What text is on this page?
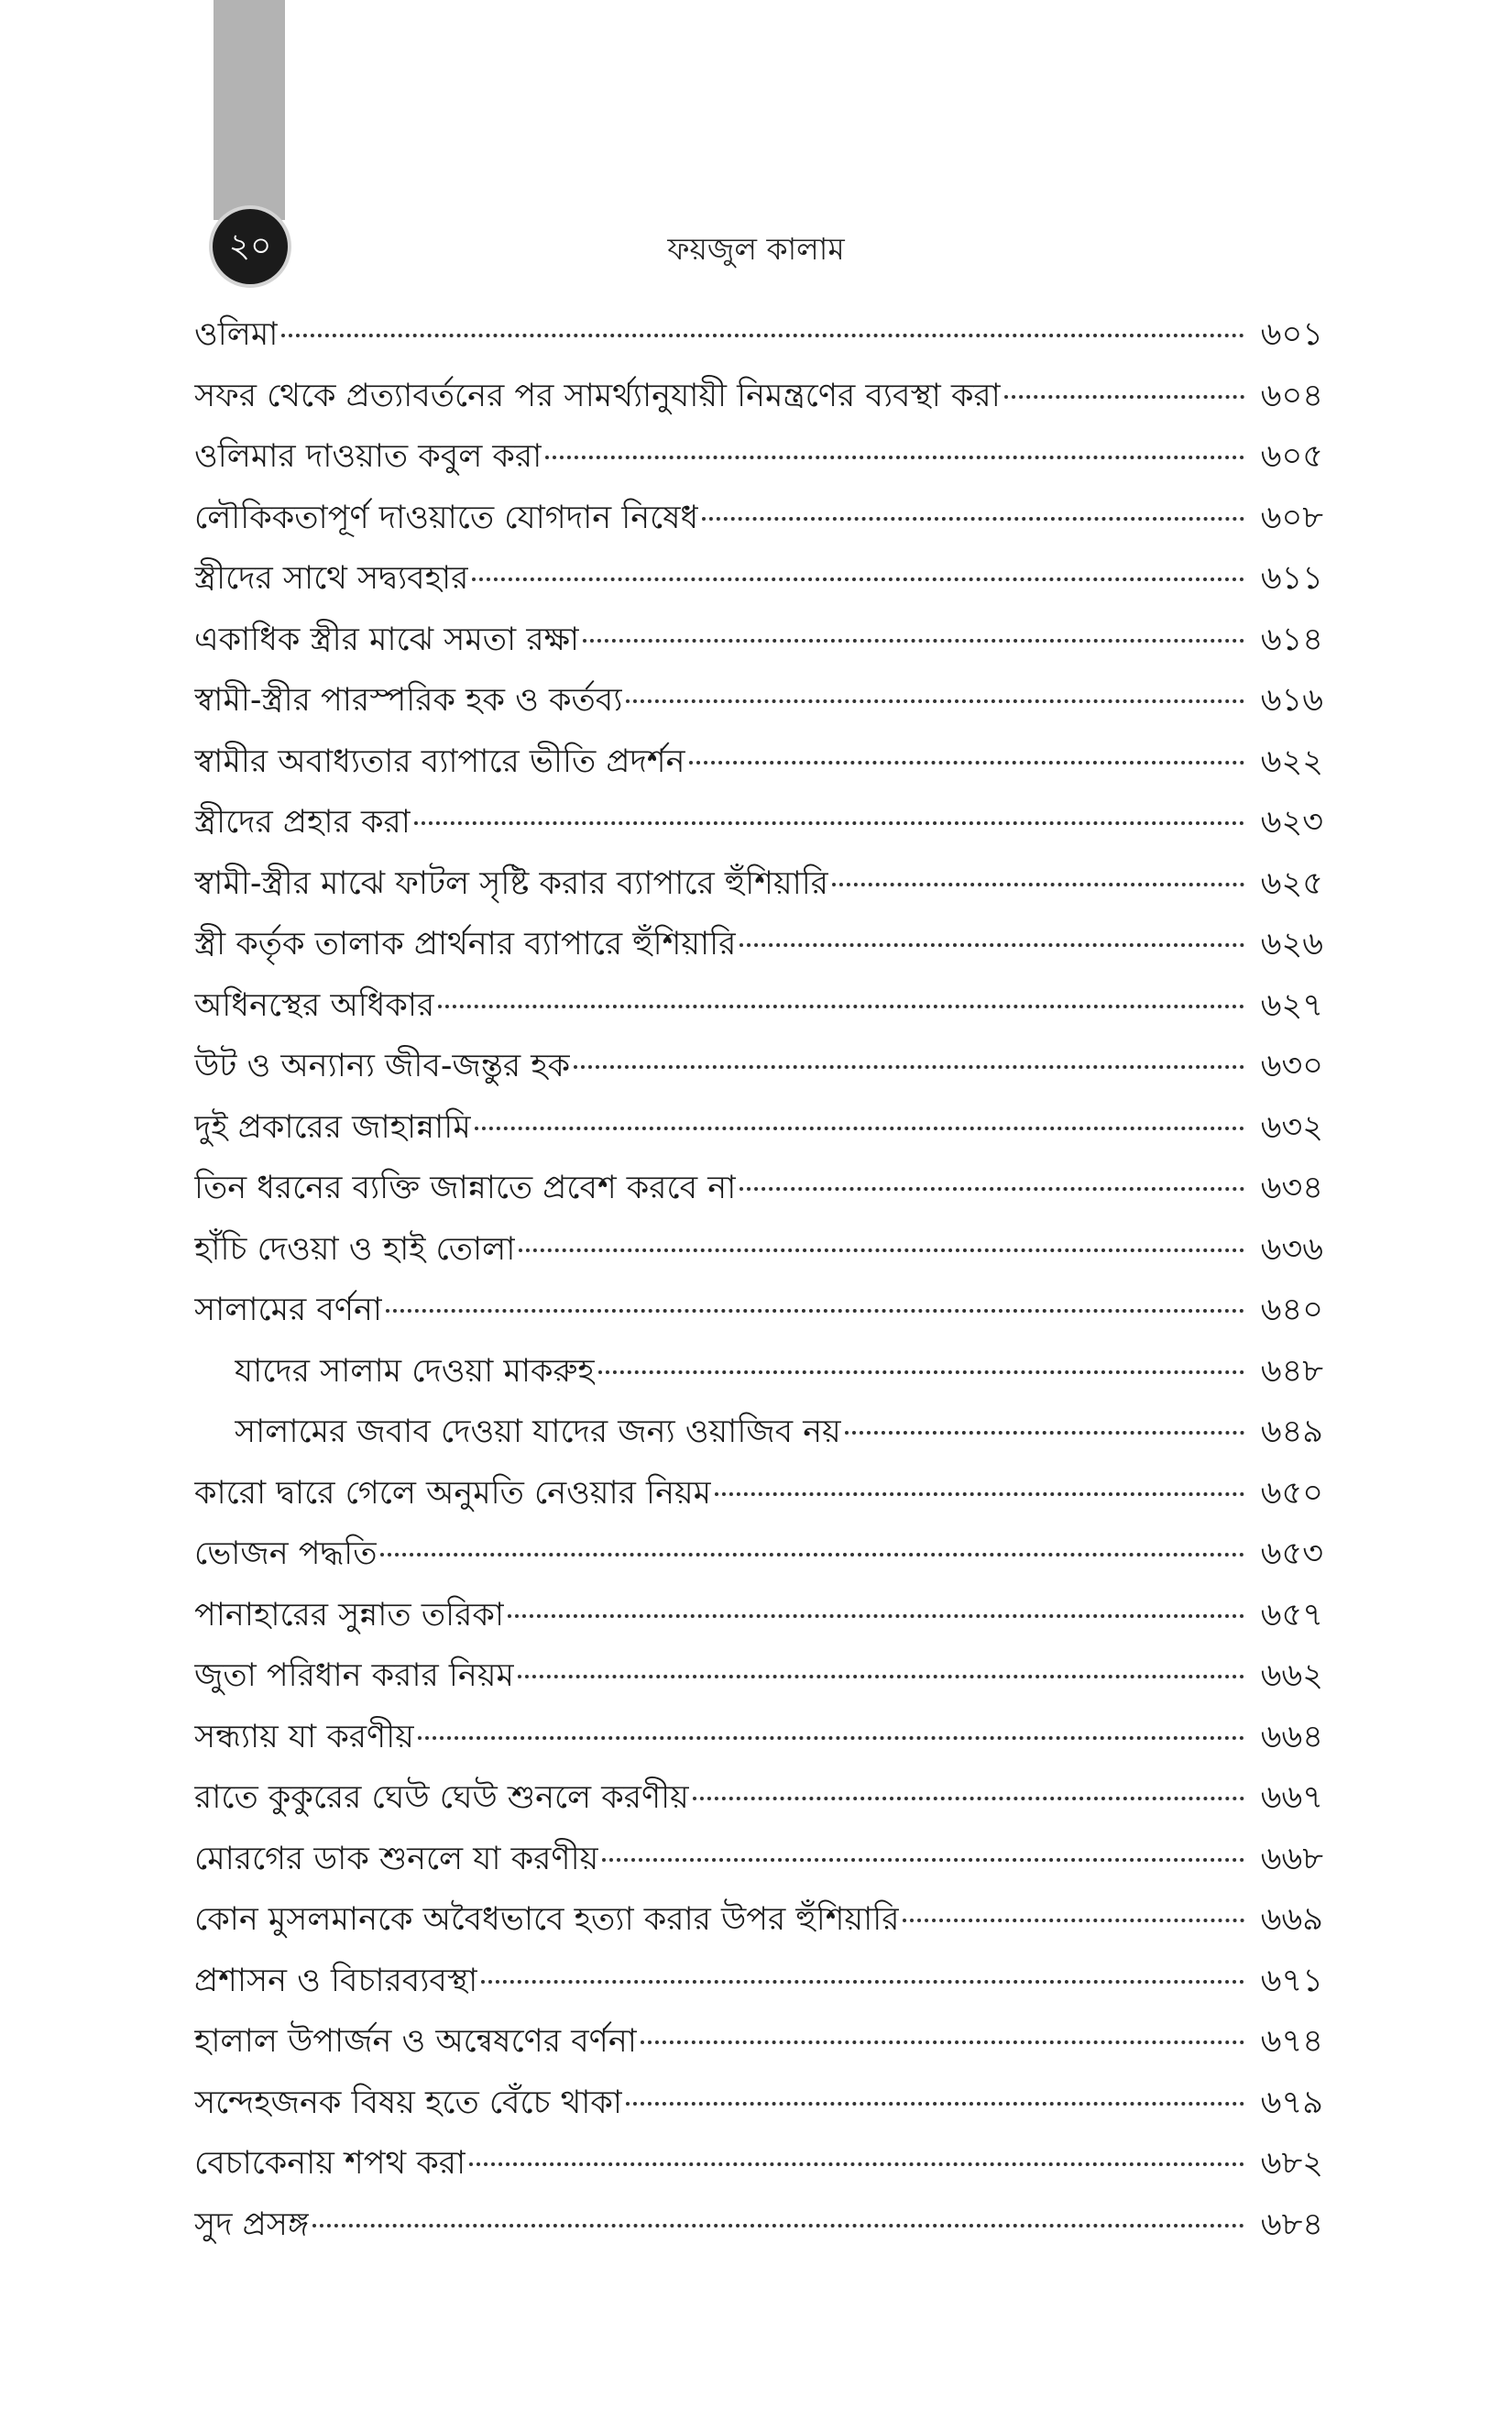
২০	ফয়জুল কালাম
ওলিমা	৬০১
সফর থেকে প্রত্যাবর্তনের পর সামর্থ্যানুযায়ী নিমন্ত্রণের ব্যবস্থা করা	৬০৪
ওলিমার দাওয়াত কবুল করা	৬০৫
লৌকিকতাপূর্ণ দাওয়াতে যোগদান নিষেধ	৬০৮
স্ত্রীদের সাথে সদ্ব্যবহার	৬১১
একাধিক স্ত্রীর মাঝে সমতা রক্ষা	৬১৪
স্বামী-স্ত্রীর পারস্পরিক হক ও কর্তব্য	৬১৬
স্বামীর অবাধ্যতার ব্যাপারে ভীতি প্রদর্শন	৬২২
স্ত্রীদের প্রহার করা	৬২৩
স্বামী-স্ত্রীর মাঝে ফাটল সৃষ্টি করার ব্যাপারে হুঁশিয়ারি	৬২৫
স্ত্রী কর্তৃক তালাক প্রার্থনার ব্যাপারে হুঁশিয়ারি	৬২৬
অধিনস্থের অধিকার	৬২৭
উট ও অন্যান্য জীব-জন্তুর হক	৬৩০
দুই প্রকারের জাহান্নামি	৬৩২
তিন ধরনের ব্যক্তি জান্নাতে প্রবেশ করবে না	৬৩৪
হাঁচি দেওয়া ও হাই তোলা	৬৩৬
সালামের বর্ণনা	৬৪০
যাদের সালাম দেওয়া মাকরুহ	৬৪৮
সালামের জবাব দেওয়া যাদের জন্য ওয়াজিব নয়	৬৪৯
কারো দ্বারে গেলে অনুমতি নেওয়ার নিয়ম	৬৫০
ভোজন পদ্ধতি	৬৫৩
পানাহারের সুন্নাত তরিকা	৬৫৭
জুতা পরিধান করার নিয়ম	৬৬২
সন্ধ্যায় যা করণীয়	৬৬৪
রাতে কুকুরের ঘেউ ঘেউ শুনলে করণীয়	৬৬৭
মোরগের ডাক শুনলে যা করণীয়	৬৬৮
কোন মুসলমানকে অবৈধভাবে হত্যা করার উপর হুঁশিয়ারি	৬৬৯
প্রশাসন ও বিচারব্যবস্থা	৬৭১
হালাল উপার্জন ও অন্বেষণের বর্ণনা	৬৭৪
সন্দেহজনক বিষয় হতে বেঁচে থাকা	৬৭৯
বেচাকেনায় শপথ করা	৬৮২
সুদ প্রসঙ্গ	৬৮৪
